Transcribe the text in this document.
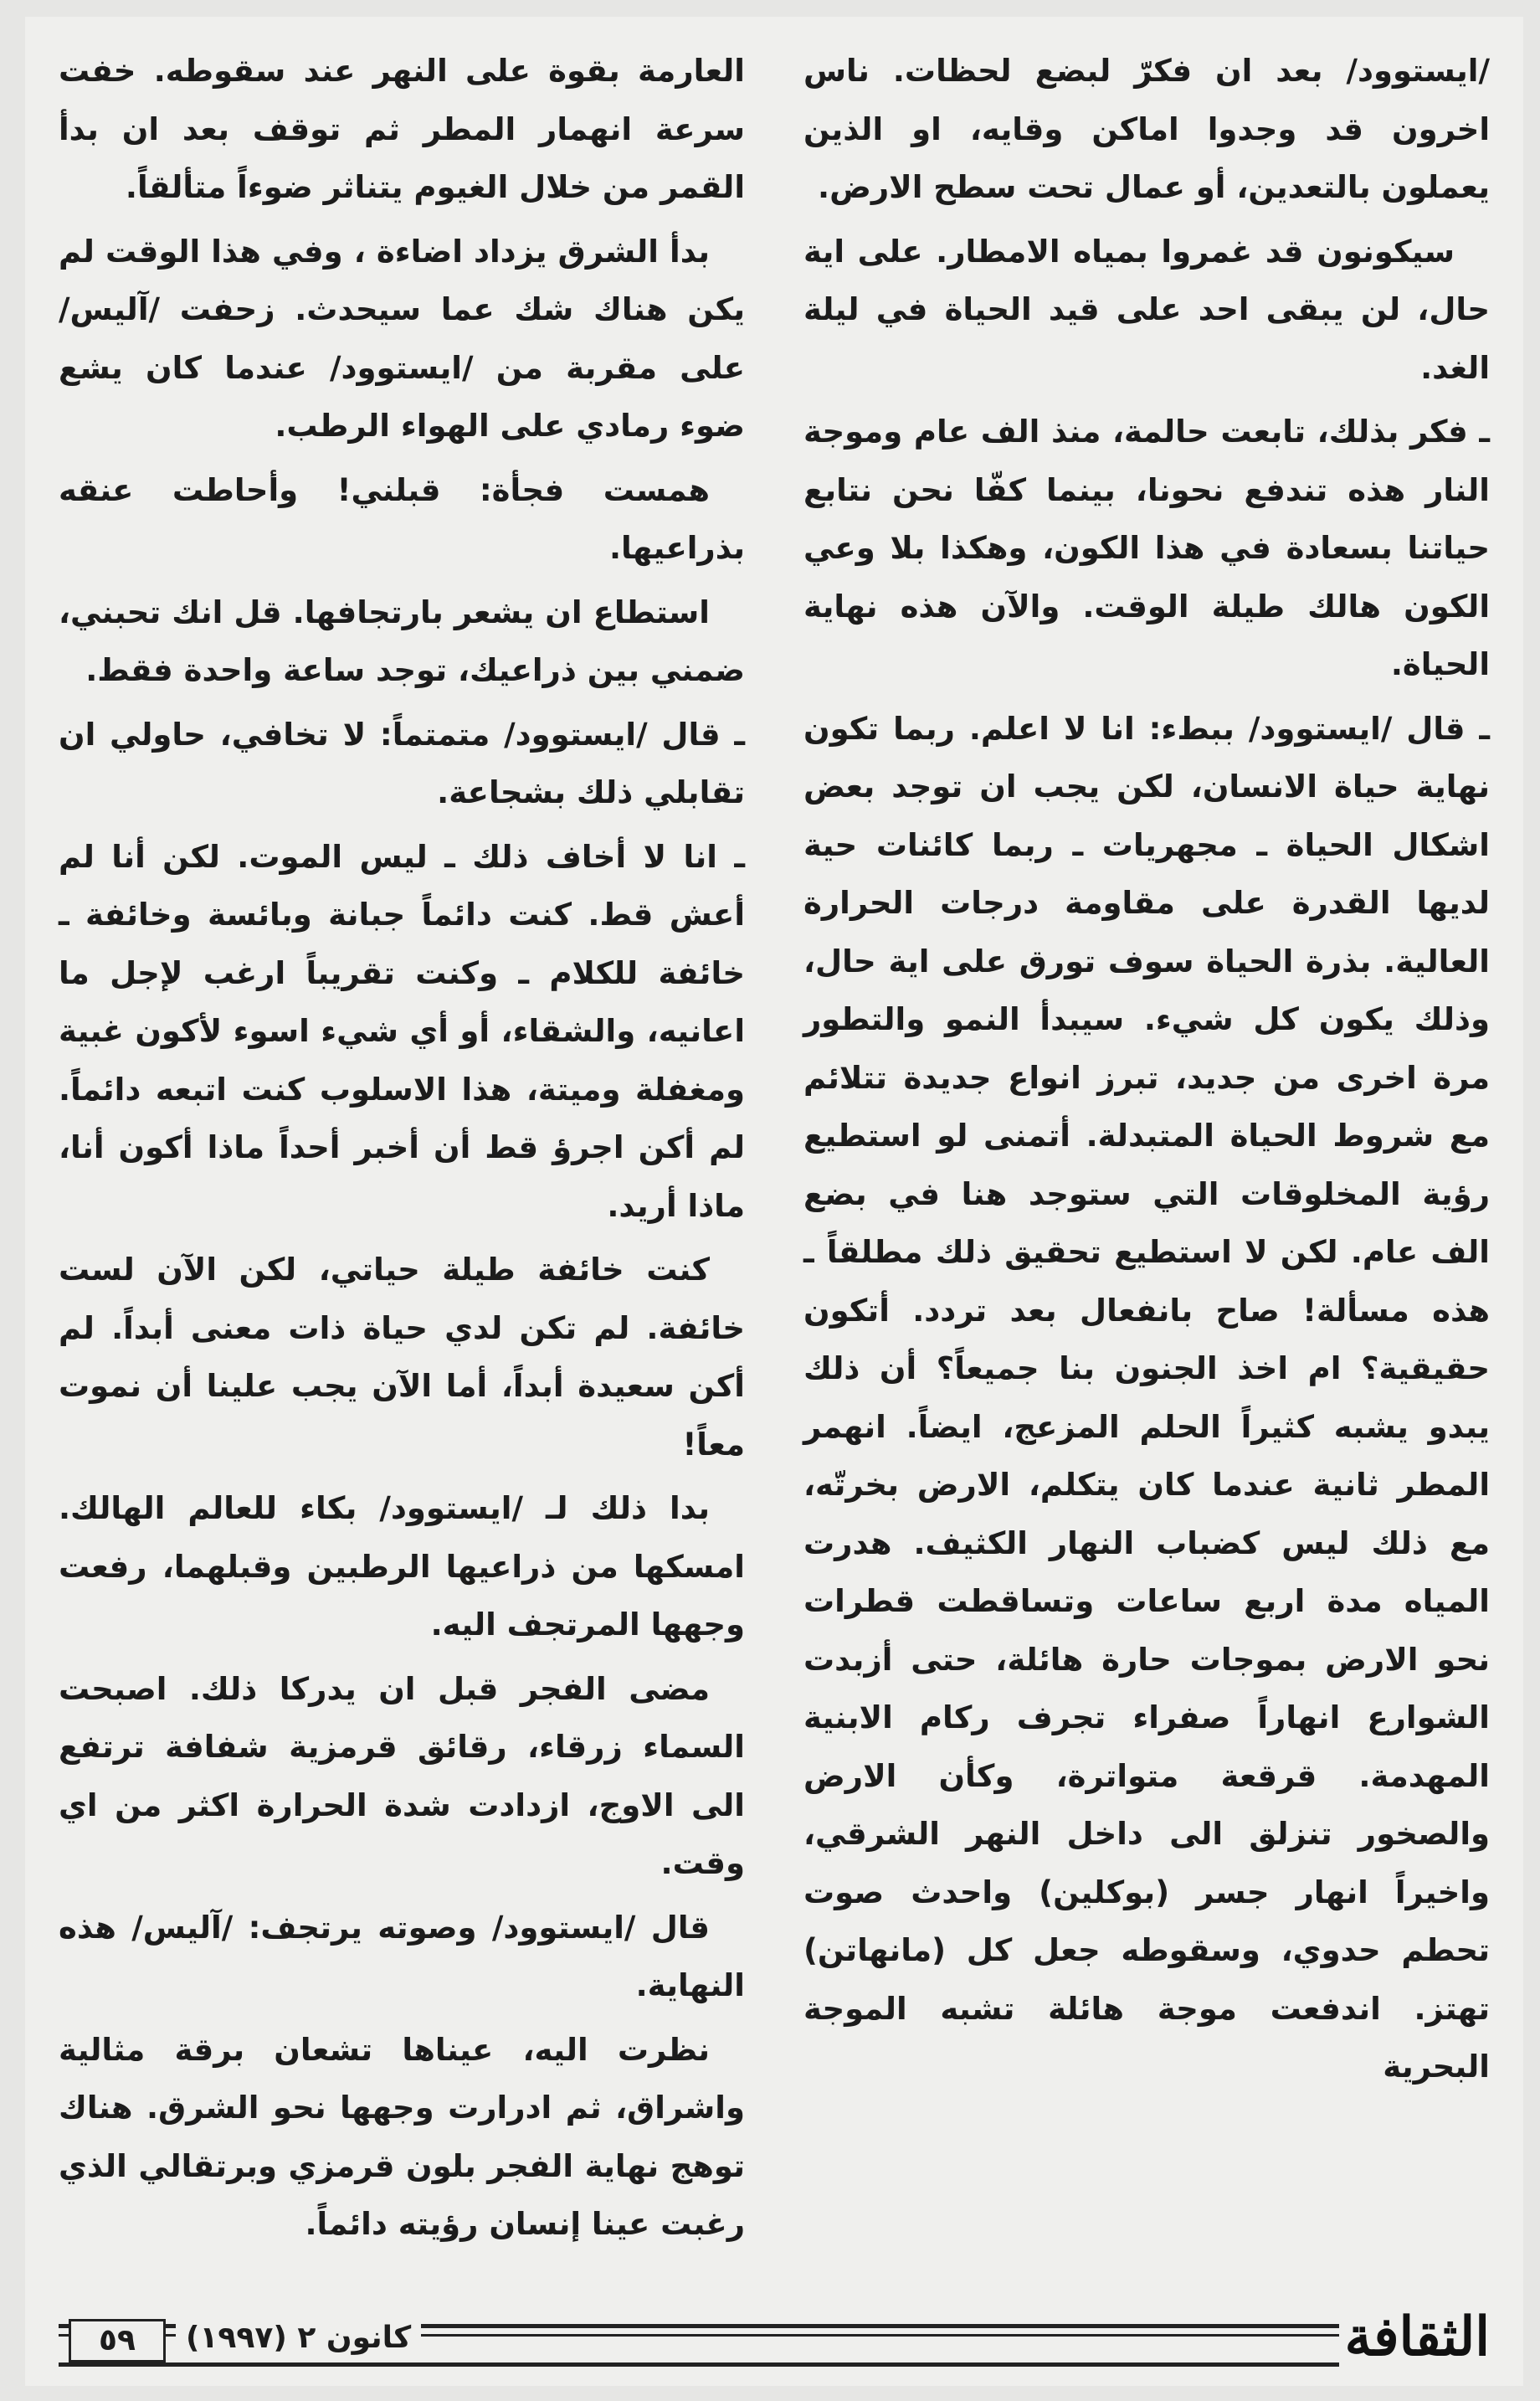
/ايستوود/ بعد ان فكرّ لبضع لحظات. ناس اخرون قد وجدوا اماكن وقايه، او الذين يعملون بالتعدين، أو عمال تحت سطح الارض.

سيكونون قد غمروا بمياه الامطار. على اية حال، لن يبقى احد على قيد الحياة في ليلة الغد.

ـ فكر بذلك، تابعت حالمة، منذ الف عام وموجة النار هذه تندفع نحونا، بينما كفّا نحن نتابع حياتنا بسعادة في هذا الكون، وهكذا بلا وعي الكون هالك طيلة الوقت. والآن هذه نهاية الحياة.

ـ قال /ايستوود/ ببطء: انا لا اعلم. ربما تكون نهاية حياة الانسان، لكن يجب ان توجد بعض اشكال الحياة ـ مجهريات ـ ربما كائنات حية لديها القدرة على مقاومة درجات الحرارة العالية. بذرة الحياة سوف تورق على اية حال، وذلك يكون كل شيء. سيبدأ النمو والتطور مرة اخرى من جديد، تبرز انواع جديدة تتلائم مع شروط الحياة المتبدلة. أتمنى لو استطيع رؤية المخلوقات التي ستوجد هنا في بضع الف عام. لكن لا استطيع تحقيق ذلك مطلقاً ـ هذه مسألة! صاح بانفعال بعد تردد. أتكون حقيقية؟ ام اخذ الجنون بنا جميعاً؟ أن ذلك يبدو يشبه كثيراً الحلم المزعج، ايضاً. انهمر المطر ثانية عندما كان يتكلم، الارض بخرتّه، مع ذلك ليس كضباب النهار الكثيف. هدرت المياه مدة اربع ساعات وتساقطت قطرات نحو الارض بموجات حارة هائلة، حتى أزبدت الشوارع انهاراً صفراء تجرف ركام الابنية المهدمة. قرقعة متواترة، وكأن الارض والصخور تنزلق الى داخل النهر الشرقي، واخيراً انهار جسر (بوكلين) واحدث صوت تحطم حدوي، وسقوطه جعل كل (مانهاتن) تهتز. اندفعت موجة هائلة تشبه الموجة البحرية

العارمة بقوة على النهر عند سقوطه. خفت سرعة انهمار المطر ثم توقف بعد ان بدأ القمر من خلال الغيوم يتناثر ضوءاً متألقاً.

بدأ الشرق يزداد اضاءة ، وفي هذا الوقت لم يكن هناك شك عما سيحدث. زحفت /آليس/ على مقربة من /ايستوود/ عندما كان يشع ضوء رمادي على الهواء الرطب.

همست فجأة: قبلني! وأحاطت عنقه بذراعيها.

استطاع ان يشعر بارتجافها. قل انك تحبني، ضمني بين ذراعيك، توجد ساعة واحدة فقط.

ـ قال /ايستوود/ متمتماً: لا تخافي، حاولي ان تقابلي ذلك بشجاعة.

ـ انا لا أخاف ذلك ـ ليس الموت. لكن أنا لم أعش قط. كنت دائماً جبانة وبائسة وخائفة ـ خائفة للكلام ـ وكنت تقريباً ارغب لإجل ما اعانيه، والشقاء، أو أي شيء اسوء لأكون غبية ومغفلة وميتة، هذا الاسلوب كنت اتبعه دائماً. لم أكن اجرؤ قط أن أخبر أحداً ماذا أكون أنا، ماذا أريد.

كنت خائفة طيلة حياتي، لكن الآن لست خائفة. لم تكن لدي حياة ذات معنى أبداً. لم أكن سعيدة أبداً، أما الآن يجب علينا أن نموت معاً!

بدا ذلك لـ /ايستوود/ بكاء للعالم الهالك. امسكها من ذراعيها الرطبين وقبلهما، رفعت وجهها المرتجف اليه.

مضى الفجر قبل ان يدركا ذلك. اصبحت السماء زرقاء، رقائق قرمزية شفافة ترتفع الى الاوج، ازدادت شدة الحرارة اكثر من اي وقت.

قال /ايستوود/ وصوته يرتجف: /آليس/ هذه النهاية.

نظرت اليه، عيناها تشعان برقة مثالية واشراق، ثم ادرارت وجهها نحو الشرق. هناك توهج نهاية الفجر بلون قرمزي وبرتقالي الذي رغبت عينا إنسان رؤيته دائماً.

الثقافة
كانون ٢ (١٩٩٧)
٥٩
